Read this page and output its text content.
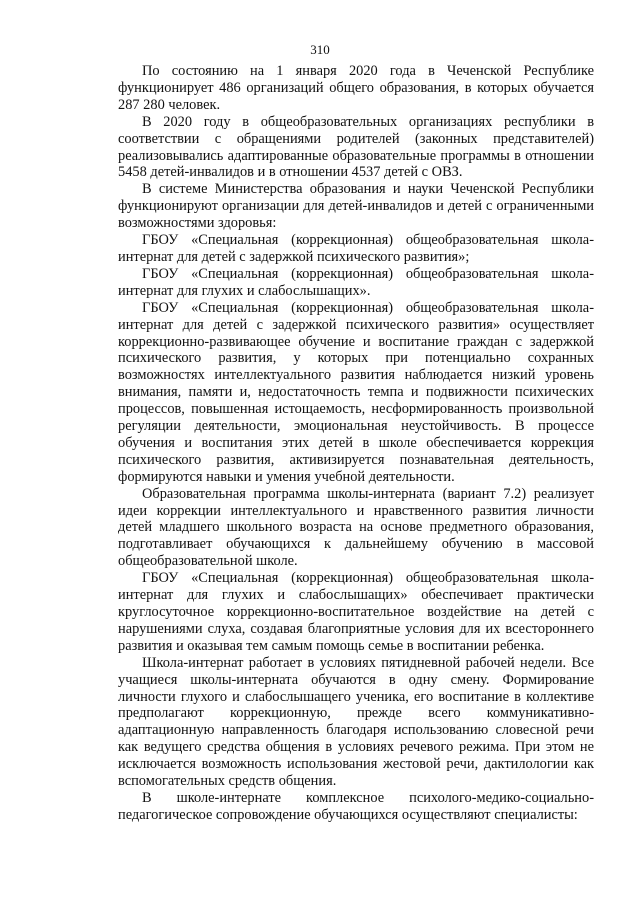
310

По состоянию на 1 января 2020 года в Чеченской Республике функционирует 486 организаций общего образования, в которых обучается 287 280 человек.

В 2020 году в общеобразовательных организациях республики в соответствии с обращениями родителей (законных представителей) реализовывались адаптированные образовательные программы в отношении 5458 детей-инвалидов и в отношении 4537 детей с ОВЗ.

В системе Министерства образования и науки Чеченской Республики функционируют организации для детей-инвалидов и детей с ограниченными возможностями здоровья:

ГБОУ «Специальная (коррекционная) общеобразовательная школа-интернат для детей с задержкой психического развития»;

ГБОУ «Специальная (коррекционная) общеобразовательная школа-интернат для глухих и слабослышащих».

ГБОУ «Специальная (коррекционная) общеобразовательная школа-интернат для детей с задержкой психического развития» осуществляет коррекционно-развивающее обучение и воспитание граждан с задержкой психического развития, у которых при потенциально сохранных возможностях интеллектуального развития наблюдается низкий уровень внимания, памяти и, недостаточность темпа и подвижности психических процессов, повышенная истощаемость, несформированность произвольной регуляции деятельности, эмоциональная неустойчивость. В процессе обучения и воспитания этих детей в школе обеспечивается коррекция психического развития, активизируется познавательная деятельность, формируются навыки и умения учебной деятельности.

Образовательная программа школы-интерната (вариант 7.2) реализует идеи коррекции интеллектуального и нравственного развития личности детей младшего школьного возраста на основе предметного образования, подготавливает обучающихся к дальнейшему обучению в массовой общеобразовательной школе.

ГБОУ «Специальная (коррекционная) общеобразовательная школа-интернат для глухих и слабослышащих» обеспечивает практически круглосуточное коррекционно-воспитательное воздействие на детей с нарушениями слуха, создавая благоприятные условия для их всестороннего развития и оказывая тем самым помощь семье в воспитании ребенка.

Школа-интернат работает в условиях пятидневной рабочей недели. Все учащиеся школы-интерната обучаются в одну смену. Формирование личности глухого и слабослышащего ученика, его воспитание в коллективе предполагают коррекционную, прежде всего коммуникативно-адаптационную направленность благодаря использованию словесной речи как ведущего средства общения в условиях речевого режима. При этом не исключается возможность использования жестовой речи, дактилологии как вспомогательных средств общения.

В школе-интернате комплексное психолого-медико-социально-педагогическое сопровождение обучающихся осуществляют специалисты:
